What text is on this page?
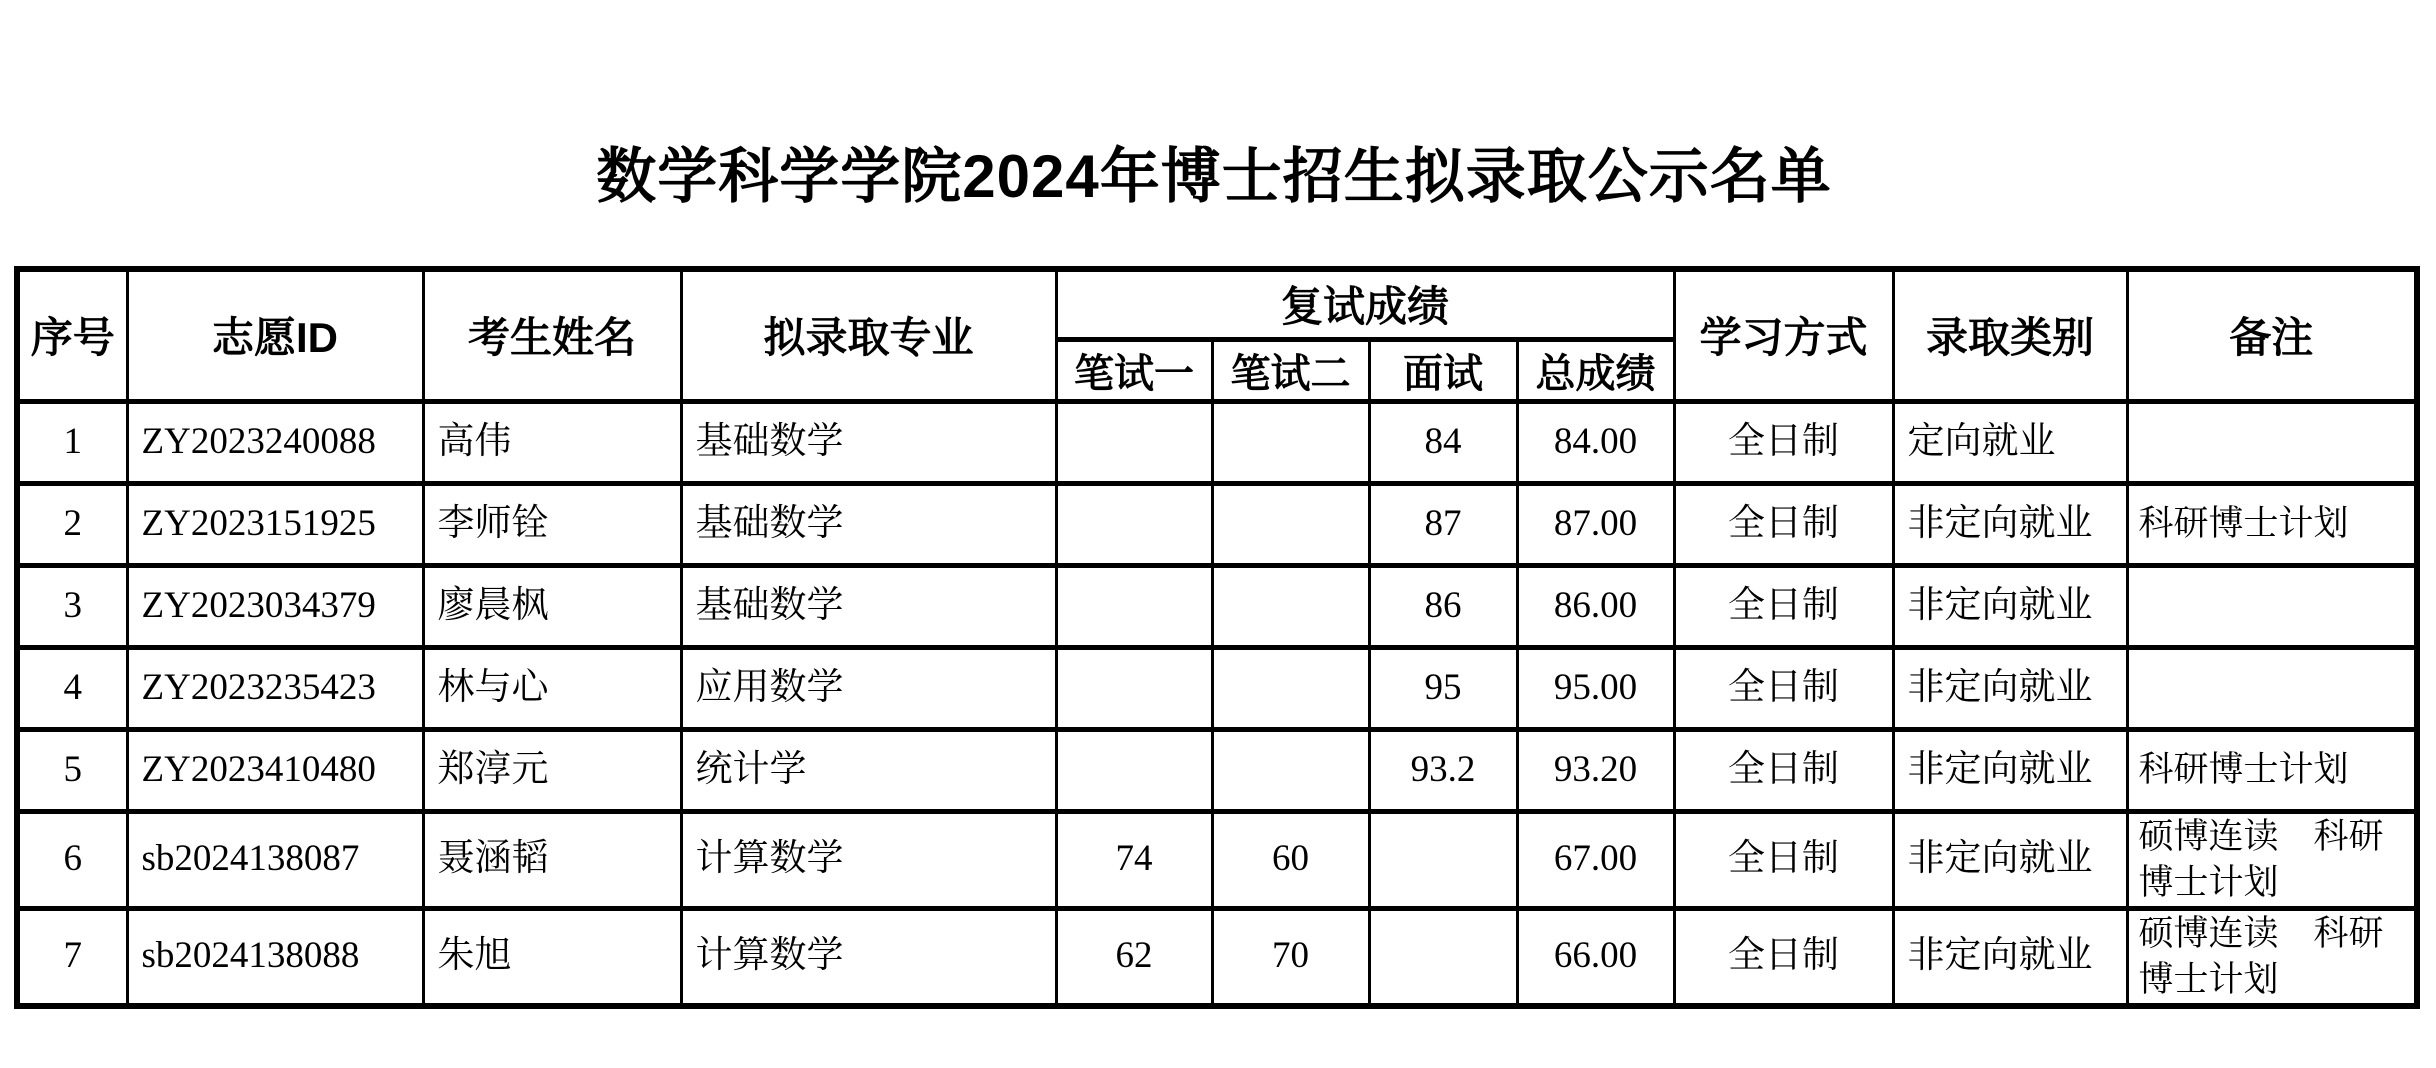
数学科学学院2024年博士招生拟录取公示名单
序号	志愿ID	考生姓名	拟录取专业	复试成绩				学习方式	录取类别	备注
				笔试一	笔试二	面试	总成绩			
1	ZY2023240088	高伟	基础数学			84	84.00	全日制	定向就业	
2	ZY2023151925	李师铨	基础数学			87	87.00	全日制	非定向就业	科研博士计划
3	ZY2023034379	廖晨枫	基础数学			86	86.00	全日制	非定向就业	
4	ZY2023235423	林与心	应用数学			95	95.00	全日制	非定向就业	
5	ZY2023410480	郑淳元	统计学			93.2	93.20	全日制	非定向就业	科研博士计划
6	sb2024138087	聂涵韬	计算数学	74	60		67.00	全日制	非定向就业	硕博连读　科研博士计划
7	sb2024138088	朱旭	计算数学	62	70		66.00	全日制	非定向就业	硕博连读　科研博士计划
